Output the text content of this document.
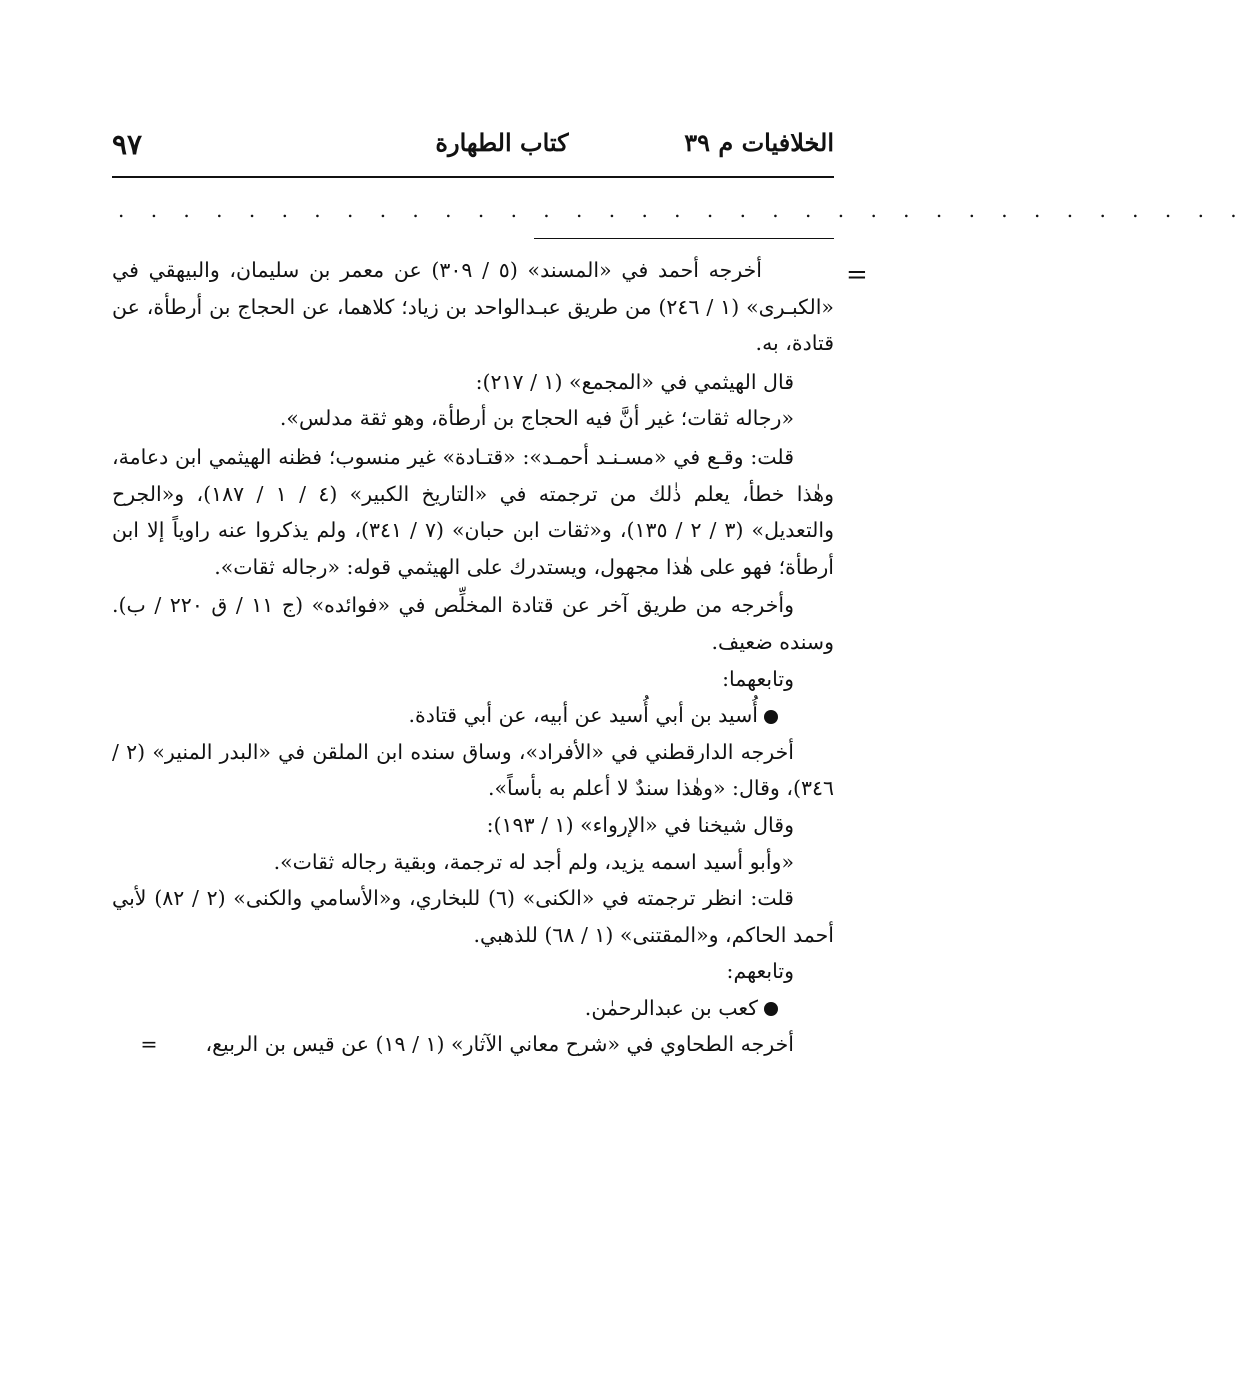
الخلافيات م ٣٩
كتاب الطهارة
٩٧
. . . . . . . . . . . . . . . . . . . . . . . . . . . . . . . . . . .
=

أخرجه أحمد في «المسند» (٥ / ٣٠٩) عن معمر بن سليمان، والبيهقي في «الكبـرى» (١ / ٢٤٦) من طريق عبـدالواحد بن زياد؛ كلاهما، عن الحجاج بن أرطأة، عن قتادة، به.

قال الهيثمي في «المجمع» (١ / ٢١٧):

«رجاله ثقات؛ غير أنَّ فيه الحجاج بن أرطأة، وهو ثقة مدلس».

قلت: وقـع في «مسـنـد أحمـد»: «قتـادة» غير منسوب؛ فظنه الهيثمي ابن دعامة، وهٰذا خطأ، يعلم ذٰلك من ترجمته في «التاريخ الكبير» (٤ / ١ / ١٨٧)، و«الجرح والتعديل» (٣ / ٢ / ١٣٥)، و«ثقات ابن حبان» (٧ / ٣٤١)، ولم يذكروا عنه راوياً إلا ابن أرطأة؛ فهو على هٰذا مجهول، ويستدرك على الهيثمي قوله: «رجاله ثقات».

وأخرجه من طريق آخر عن قتادة المخلِّص في «فوائده» (ج ١١ / ق ٢٢٠ / ب). وسنده ضعيف.

وتابعهما:

أُسيد بن أبي أُسيد عن أبيه، عن أبي قتادة.

أخرجه الدارقطني في «الأفراد»، وساق سنده ابن الملقن في «البدر المنير» (٢ / ٣٤٦)، وقال: «وهٰذا سندٌ لا أعلم به بأساً».

وقال شيخنا في «الإرواء» (١ / ١٩٣):

«وأبو أسيد اسمه يزيد، ولم أجد له ترجمة، وبقية رجاله ثقات».

قلت: انظر ترجمته في «الكنى» (٦) للبخاري، و«الأسامي والكنى» (٢ / ٨٢) لأبي أحمد الحاكم، و«المقتنى» (١ / ٦٨) للذهبي.

وتابعهم:

كعب بن عبدالرحمٰن.

أخرجه الطحاوي في «شرح معاني الآثار» (١ / ١٩) عن قيس بن الربيع،=
